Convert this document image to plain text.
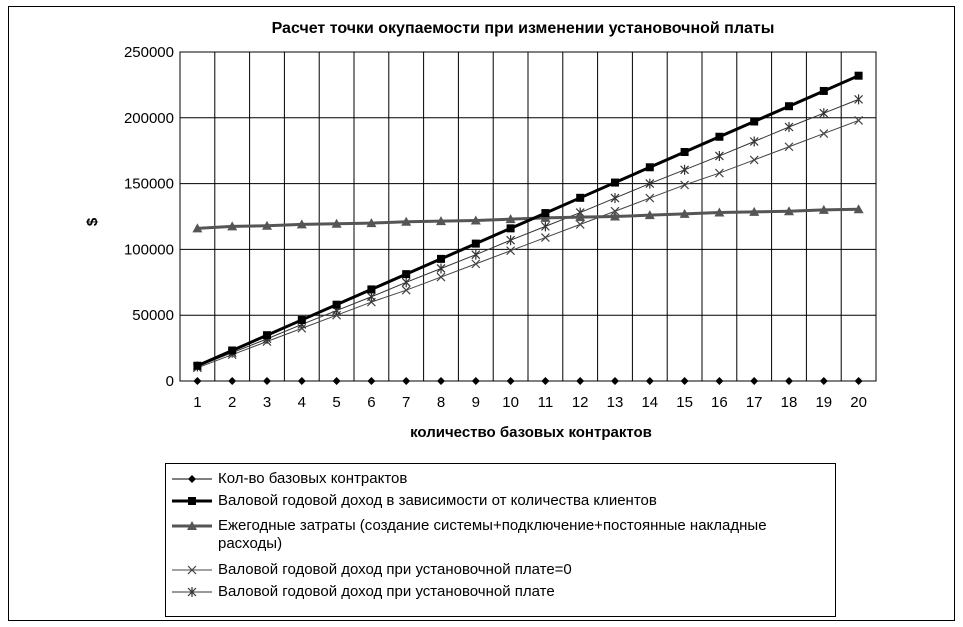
Расчет точки окупаемости при изменении установочной платы
0
50000
100000
150000
200000
250000
1 2 3 4 5 6 7 8 9 10 11 12 13 14 15 16 17 18 19 20
$
количество базовых контрактов
Кол-во базовых контрактов
Валовой годовой доход в зависимости от количества клиентов
Ежегодные затраты (создание системы+подключение+постоянные накладные расходы)
Валовой годовой доход при установочной плате=0
Валовой годовой доход при установочной плате
